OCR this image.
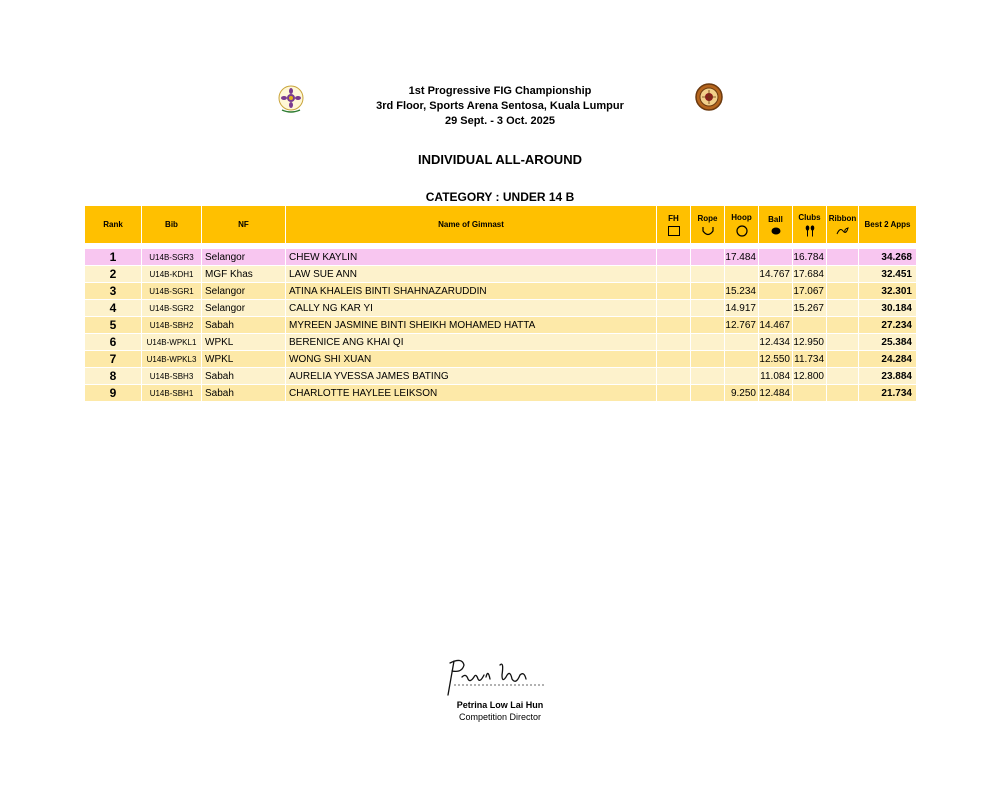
1st Progressive FIG Championship
3rd Floor, Sports Arena Sentosa, Kuala Lumpur
29 Sept. - 3 Oct. 2025
INDIVIDUAL ALL-AROUND
CATEGORY : UNDER 14 B
Rank	Bib	NF	Name of Gimnast	FH	Rope	Hoop	Ball	Clubs	Ribbon	Best 2 Apps

1	U14B-SGR3	Selangor	CHEW KAYLIN			17.484		16.784		34.268
2	U14B-KDH1	MGF Khas	LAW SUE ANN				14.767	17.684		32.451
3	U14B-SGR1	Selangor	ATINA KHALEIS BINTI SHAHNAZARUDDIN			15.234		17.067		32.301
4	U14B-SGR2	Selangor	CALLY NG KAR YI			14.917		15.267		30.184
5	U14B-SBH2	Sabah	MYREEN JASMINE BINTI SHEIKH MOHAMED HATTA			12.767	14.467			27.234
6	U14B-WPKL1	WPKL	BERENICE ANG KHAI QI				12.434	12.950		25.384
7	U14B-WPKL3	WPKL	WONG SHI XUAN				12.550	11.734		24.284
8	U14B-SBH3	Sabah	AURELIA YVESSA JAMES BATING				11.084	12.800		23.884
9	U14B-SBH1	Sabah	CHARLOTTE HAYLEE LEIKSON			9.250	12.484			21.734
Petrina Low Lai Hun
Competition Director
